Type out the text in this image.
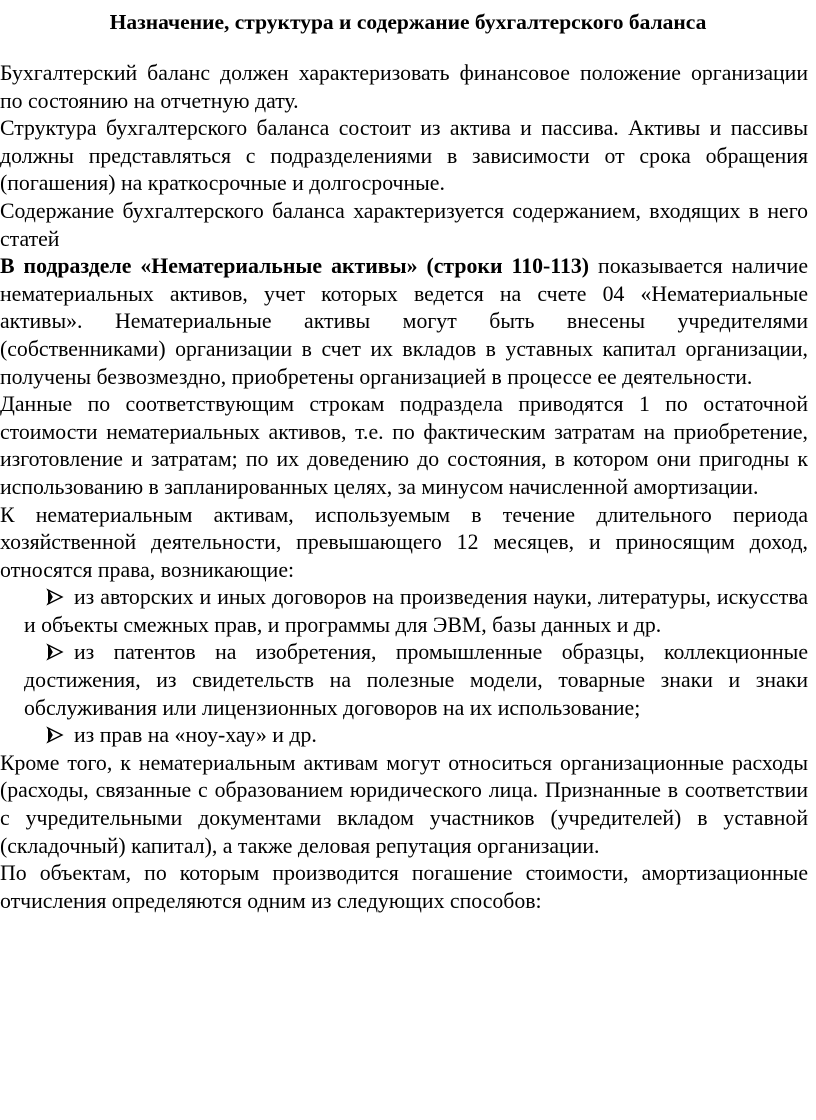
Назначение, структура и содержание бухгалтерского баланса

Бухгалтерский баланс должен характеризовать финансовое положение организации по состоянию на отчетную дату.

Структура бухгалтерского баланса состоит из актива и пассива. Активы и пассивы должны представляться с подразделениями в зависимости от срока обращения (погашения) на краткосрочные и долгосрочные.

Содержание бухгалтерского баланса характеризуется содержанием, входящих в него статей

В подразделе «Нематериальные активы» (строки 110-113) показывается наличие нематериальных активов, учет которых ведется на счете 04 «Нематериальные активы». Нематериальные активы могут быть внесены учредителями (собственниками) организации в счет их вкладов в уставных капитал организации, получены безвозмездно, приобретены организацией в процессе ее деятельности.

Данные по соответствующим строкам подраздела приводятся 1 по остаточной стоимости нематериальных активов, т.е. по фактическим затратам на приобретение, изготовление и затратам; по их доведению до состояния, в котором они пригодны к использованию в запланированных целях, за минусом начисленной амортизации.

К нематериальным активам, используемым в течение длительного периода хозяйственной деятельности, превышающего 12 месяцев, и приносящим доход, относятся права, возникающие:

из авторских и иных договоров на произведения науки, литературы, искусства и объекты смежных прав, и программы для ЭВМ, базы данных и др.
из патентов на изобретения, промышленные образцы, коллекционные достижения, из свидетельств на полезные модели, товарные знаки и знаки обслуживания или лицензионных договоров на их использование;
из прав на «ноу-хау» и др.

Кроме того, к нематериальным активам могут относиться организационные расходы (расходы, связанные с образованием юридического лица. Признанные в соответствии с учредительными документами вкладом участников (учредителей) в уставной (складочный) капитал), а также деловая репутация организации.

По объектам, по которым производится погашение стоимости, амортизационные отчисления определяются одним из следующих способов:
